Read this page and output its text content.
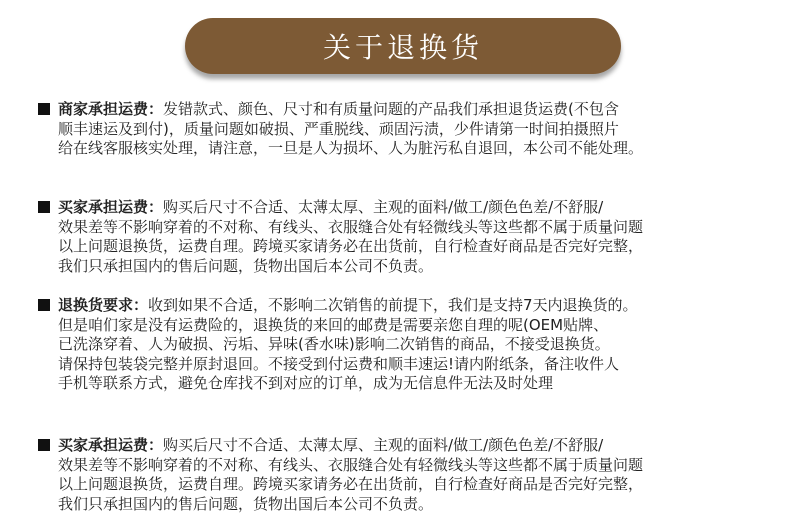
关于退换货
商家承担运费：发错款式、颜色、尺寸和有质量问题的产品我们承担退货运费(不包含
顺丰速运及到付)，质量问题如破损、严重脱线、顽固污渍，少件请第一时间拍摄照片
给在线客服核实处理，请注意，一旦是人为损坏、人为脏污私自退回，本公司不能处理。
买家承担运费：购买后尺寸不合适、太薄太厚、主观的面料/做工/颜色色差/不舒服/
效果差等不影响穿着的不对称、有线头、衣服缝合处有轻微线头等这些都不属于质量问题
以上问题退换货，运费自理。跨境买家请务必在出货前，自行检查好商品是否完好完整，
我们只承担国内的售后问题，货物出国后本公司不负责。
退换货要求：收到如果不合适，不影响二次销售的前提下，我们是支持7天内退换货的。
但是咱们家是没有运费险的，退换货的来回的邮费是需要亲您自理的呢(OEM贴牌、
已洗涤穿着、人为破损、污垢、异味(香水味)影响二次销售的商品，不接受退换货。
请保持包装袋完整并原封退回。不接受到付运费和顺丰速运!请内附纸条，备注收件人
手机等联系方式，避免仓库找不到对应的订单，成为无信息件无法及时处理
买家承担运费：购买后尺寸不合适、太薄太厚、主观的面料/做工/颜色色差/不舒服/
效果差等不影响穿着的不对称、有线头、衣服缝合处有轻微线头等这些都不属于质量问题
以上问题退换货，运费自理。跨境买家请务必在出货前，自行检查好商品是否完好完整，
我们只承担国内的售后问题，货物出国后本公司不负责。
